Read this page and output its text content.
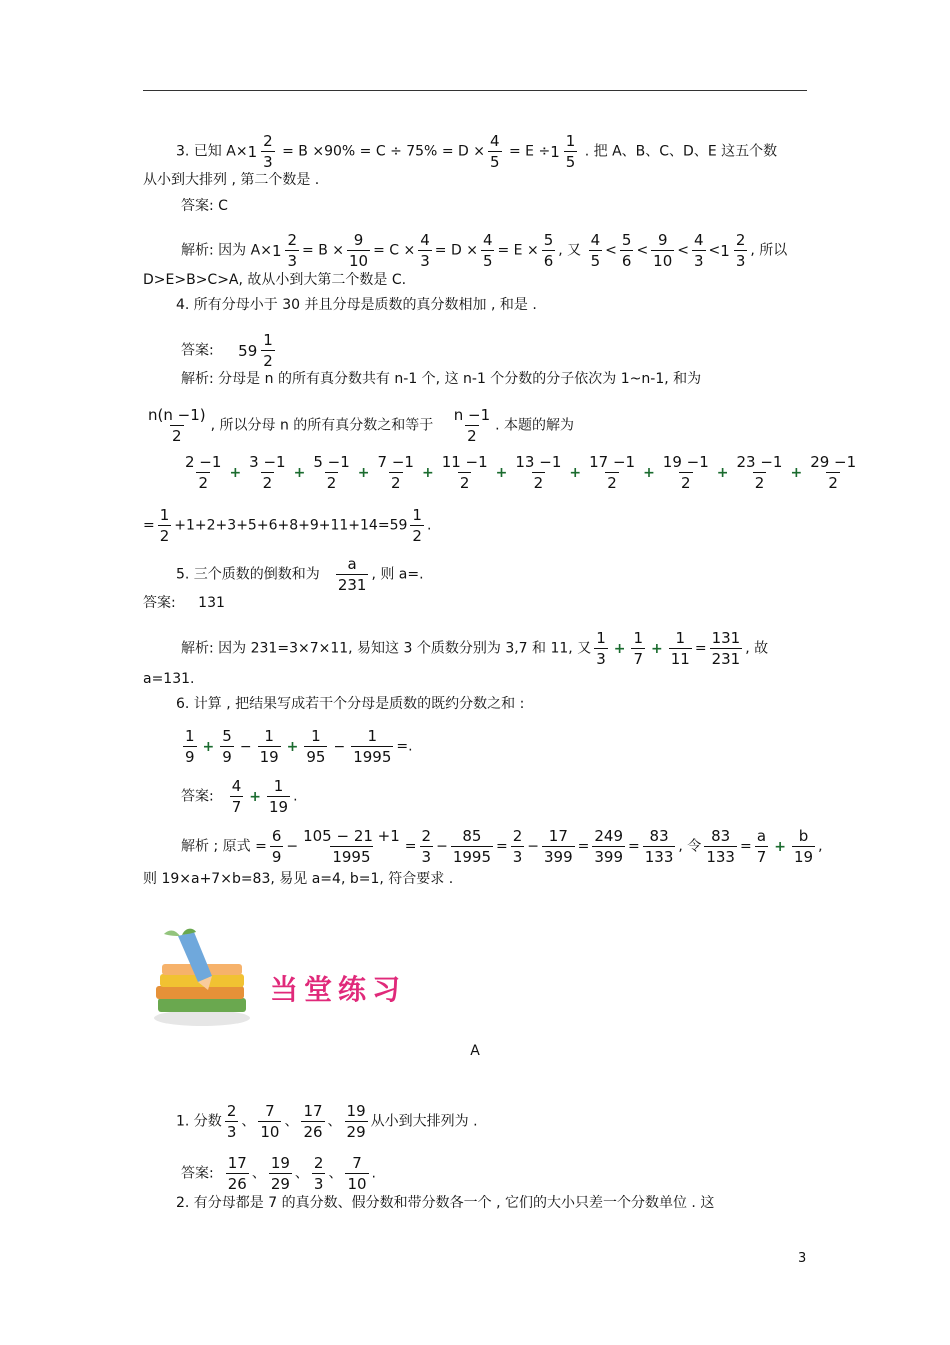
3. 已知 $A\times 1 \frac{2}{3} = B \times 90\% = C \div 75\% = D \times \frac{4}{5} = E \div 1 \frac{1}{5}$ . 把 A、B、C、D、E 这五个数
从小到大排列 , 第二个数是 .
答案: C
解析: 因为 $A\times 1 \frac{2}{3} = B \times \frac{9}{10} = C \times \frac{4}{3} = D \times \frac{4}{5} = E \times \frac{5}{6}$ , 又 $\frac{4}{5} < \frac{5}{6} < \frac{9}{10} < \frac{4}{3} < 1 \frac{2}{3}$ , 所以
D>E>B>C>A, 故从小到大第二个数是 C.
4. 所有分母小于 30 并且分母是质数的真分数相加 , 和是 .
答案: $59 \frac{1}{2}$
解析: 分母是 n 的所有真分数共有 n-1 个, 这 n-1 个分数的分子依次为 1~n-1, 和为
$\frac{n(n -1)}{2}$ , 所以分母 n 的所有真分数之和等于 $\frac{n -1}{2}$ . 本题的解为
$\frac{2 -1}{2} + \frac{3 -1}{2} + \frac{5 -1}{2} + \frac{7 -1}{2} + \frac{11 -1}{2} + \frac{13 -1}{2} + \frac{17 -1}{2} + \frac{19 -1}{2} + \frac{23 -1}{2} + \frac{29 -1}{2}$
= $\frac{1}{2} +1+2+3+5+6+8+9+11+14=59 \frac{1}{2}$ .
5. 三个质数的倒数和为 $\frac{a}{231}$ , 则 a=.
答案: 131
解析: 因为 231=3×7×11, 易知这 3 个质数分别为 3,7 和 11, 又 $\frac{1}{3} + \frac{1}{7} + \frac{1}{11} = \frac{131}{231}$ , 故
a=131.
6. 计算 , 把结果写成若干个分母是质数的既约分数之和 :
$\frac{1}{9} + \frac{5}{9} - \frac{1}{19} + \frac{1}{95} - \frac{1}{1995}$ =.
答案: $\frac{4}{7} + \frac{1}{19}$ .
解析 ; 原式 = $\frac{6}{9} - \frac{105 - 21 +1}{1995} = \frac{2}{3} - \frac{85}{1995} = \frac{2}{3} - \frac{17}{399} = \frac{249}{399} = \frac{83}{133}$ , 令 $\frac{83}{133} = \frac{a}{7} + \frac{b}{19}$ ,
则 19×a+7×b=83, 易见 a=4, b=1, 符合要求 .
当堂练习
A
1. 分数 $\frac{2}{3}$ 、 $\frac{7}{10}$ 、 $\frac{17}{26}$ 、 $\frac{19}{29}$ 从小到大排列为 .
答案: $\frac{17}{26}$ 、 $\frac{19}{29}$ 、 $\frac{2}{3}$ 、 $\frac{7}{10}$ .
2. 有分母都是 7 的真分数、假分数和带分数各一个 , 它们的大小只差一个分数单位 . 这
3
